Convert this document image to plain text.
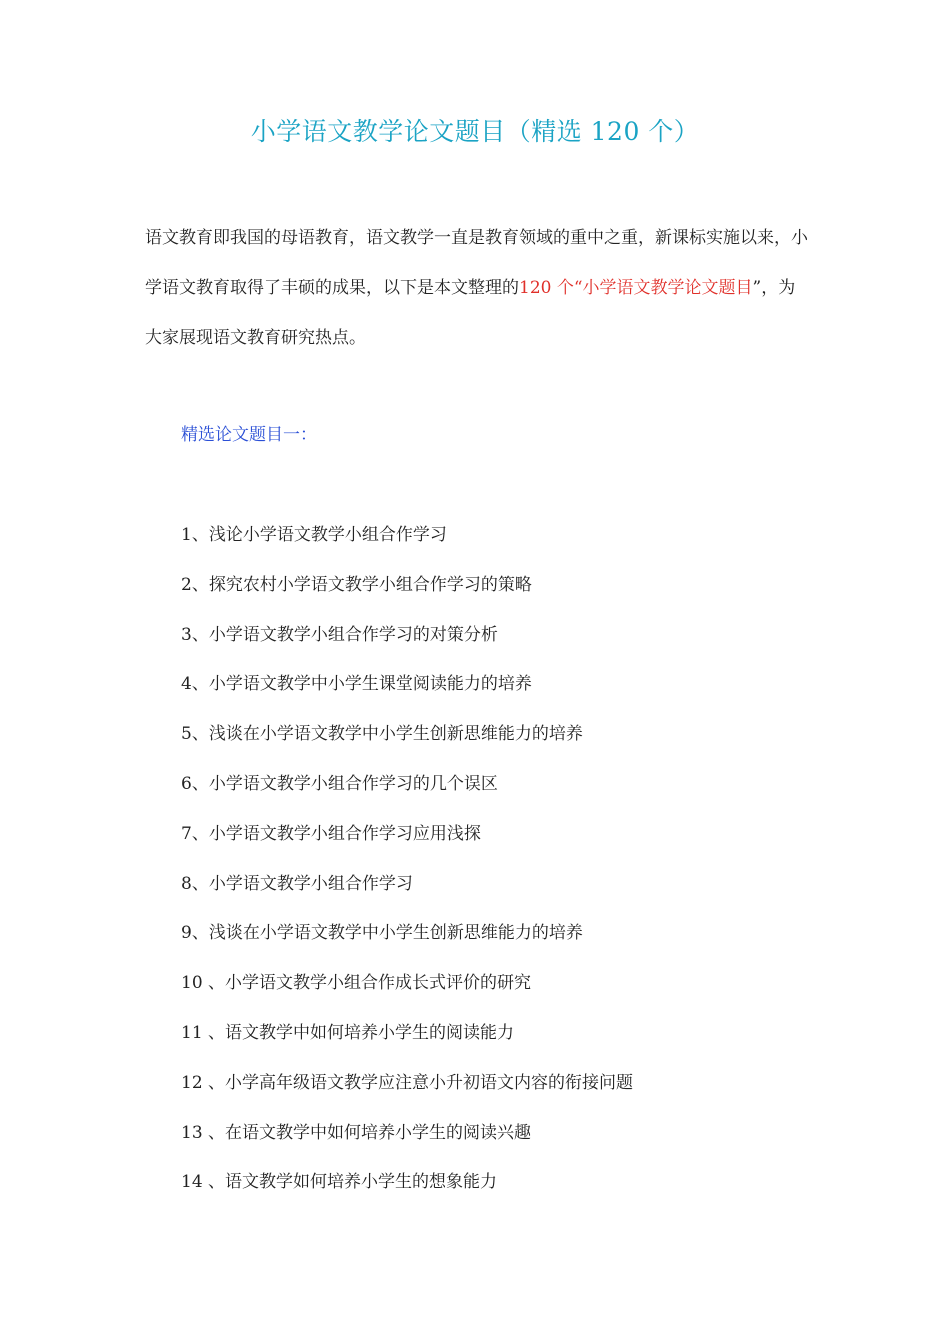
小学语文教学论文题目（精选 120 个）

语文教育即我国的母语教育，语文教学一直是教育领域的重中之重，新课标实施以来，小学语文教育取得了丰硕的成果，以下是本文整理的120 个“小学语文教学论文题目”，为大家展现语文教育研究热点。

精选论文题目一：
1、浅论小学语文教学小组合作学习
2、探究农村小学语文教学小组合作学习的策略
3、小学语文教学小组合作学习的对策分析
4、小学语文教学中小学生课堂阅读能力的培养
5、浅谈在小学语文教学中小学生创新思维能力的培养
6、小学语文教学小组合作学习的几个误区
7、小学语文教学小组合作学习应用浅探
8、小学语文教学小组合作学习
9、浅谈在小学语文教学中小学生创新思维能力的培养
10 、小学语文教学小组合作成长式评价的研究
11 、语文教学中如何培养小学生的阅读能力
12 、小学高年级语文教学应注意小升初语文内容的衔接问题
13 、在语文教学中如何培养小学生的阅读兴趣
14 、语文教学如何培养小学生的想象能力
